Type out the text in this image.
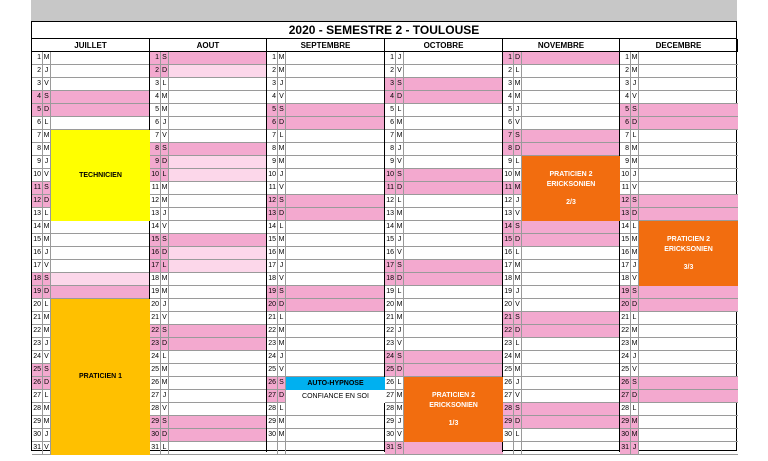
2020 - SEMESTRE 2 - TOULOUSE
JUILLET
1 M
2 J
3 V
4 S
5 D
6 L
7 M
8 M
9 J
10 V
11 S
12 D
13 L
14 M
15 M
16 J
17 V
18 S
19 D
20 L
21 M
22 M
23 J
24 V
25 S
26 D
27 L
28 M
29 M
30 J
31 V
AOUT
1 S
2 D
3 L
4 M
5 M
6 J
7 V
8 S
9 D
10 L
11 M
12 M
13 J
14 V
15 S
16 D
17 L
18 M
19 M
20 J
21 V
22 S
23 D
24 L
25 M
26 M
27 J
28 V
29 S
30 D
31 L
SEPTEMBRE
1 M
2 M
3 J
4 V
5 S
6 D
7 L
8 M
9 M
10 J
11 V
12 S
13 D
14 L
15 M
16 M
17 J
18 V
19 S
20 D
21 L
22 M
23 M
24 J
25 V
26 S
27 D
28 L
29 M
30 M
OCTOBRE
1 J
2 V
3 S
4 D
5 L
6 M
7 M
8 J
9 V
10 S
11 D
12 L
13 M
14 M
15 J
16 V
17 S
18 D
19 L
20 M
21 M
22 J
23 V
24 S
25 D
26 L
27 M
28 M
29 J
30 V
31 S
NOVEMBRE
1 D
2 L
3 M
4 M
5 J
6 V
7 S
8 D
9 L
10 M
11 M
12 J
13 V
14 S
15 D
16 L
17 M
18 M
19 J
20 V
21 S
22 D
23 L
24 M
25 M
26 J
27 V
28 S
29 D
30 L
DECEMBRE
1 M
2 M
3 J
4 V
5 S
6 D
7 L
8 M
9 M
10 J
11 V
12 S
13 D
14 L
15 M
16 M
17 J
18 V
19 S
20 D
21 L
22 M
23 M
24 J
25 V
26 S
27 D
28 L
29 M
30 M
31 J
TECHNICIEN
PRATICIEN 1
AUTO-HYPNOSE
CONFIANCE EN SOI	PRATICIEN 2
ERICKSONIEN
1/3
PRATICIEN 2
ERICKSONIEN
2/3
PRATICIEN 2
ERICKSONIEN
3/3
